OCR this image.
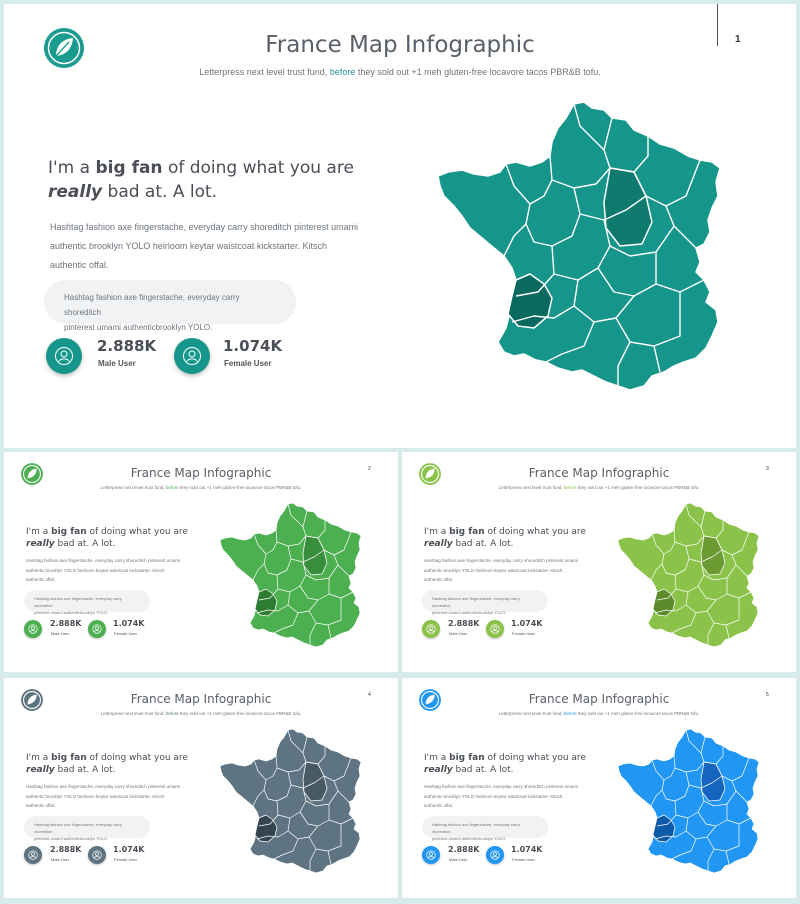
1
France Map Infographic
Letterpress next level trust fund, before they sold out +1 meh gluten-free locavore tacos PBR&B tofu.
I'm a big fan of doing what you are really bad at. A lot.
Hashtag fashion axe fingerstache, everyday carry shoreditch pinterest umami
authentic brooklyn YOLO heirloom keytar waistcoat kickstarter. Kitsch
authentic offal.
Hashtag fashion axe fingerstache, everyday carry shoreditch
pinterest umami authenticbrooklyn YOLO.
2.888K
Male User
1.074K
Female User
France Map Infographic	2
Letterpress next level trust fund, before they sold out +1 meh gluten-free locavore tacos PBR&B tofu.
I'm a big fan of doing what you are really bad at. A lot.
Hashtag fashion axe fingerstache, everyday carry shoreditch pinterest umami
authentic brooklyn YOLO heirloom keytar waistcoat kickstarter. Kitsch
authentic offal.
Hashtag fashion axe fingerstache, everyday carry shoreditch
pinterest umami authenticbrooklyn YOLO.
2.888K
Male User
1.074K
Female User
France Map Infographic	3
Letterpress next level trust fund, before they sold out +1 meh gluten-free locavore tacos PBR&B tofu.
I'm a big fan of doing what you are really bad at. A lot.
Hashtag fashion axe fingerstache, everyday carry shoreditch pinterest umami
authentic brooklyn YOLO heirloom keytar waistcoat kickstarter. Kitsch
authentic offal.
Hashtag fashion axe fingerstache, everyday carry shoreditch
pinterest umami authenticbrooklyn YOLO.
2.888K
Male User
1.074K
Female User
France Map Infographic	4
Letterpress next level trust fund, before they sold out +1 meh gluten-free locavore tacos PBR&B tofu.
I'm a big fan of doing what you are really bad at. A lot.
Hashtag fashion axe fingerstache, everyday carry shoreditch pinterest umami
authentic brooklyn YOLO heirloom keytar waistcoat kickstarter. Kitsch
authentic offal.
Hashtag fashion axe fingerstache, everyday carry shoreditch
pinterest umami authenticbrooklyn YOLO.
2.888K
Male User
1.074K
Female User
France Map Infographic	5
Letterpress next level trust fund, before they sold out +1 meh gluten-free locavore tacos PBR&B tofu.
I'm a big fan of doing what you are really bad at. A lot.
Hashtag fashion axe fingerstache, everyday carry shoreditch pinterest umami
authentic brooklyn YOLO heirloom keytar waistcoat kickstarter. Kitsch
authentic offal.
Hashtag fashion axe fingerstache, everyday carry shoreditch
pinterest umami authenticbrooklyn YOLO.
2.888K
Male User
1.074K
Female User
